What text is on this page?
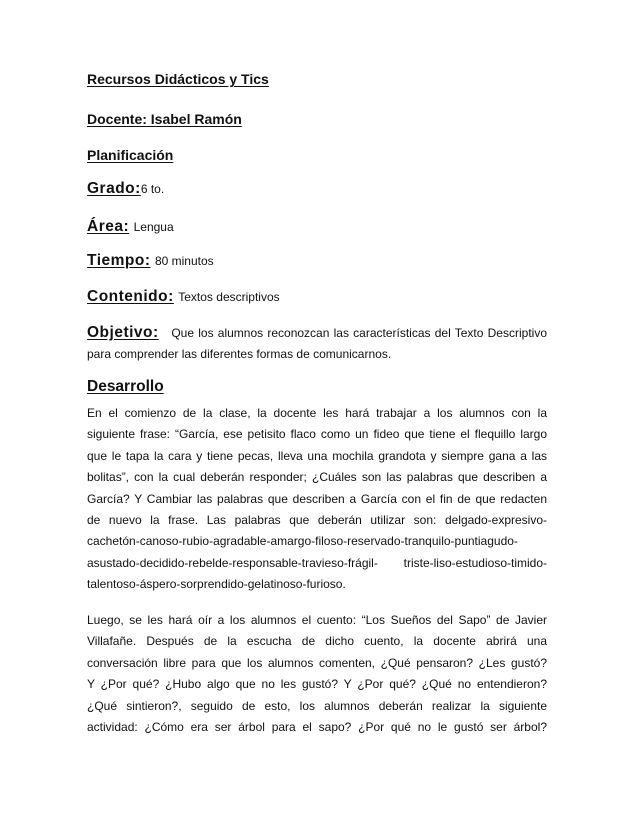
Recursos Didácticos y Tics
Docente: Isabel Ramón
Planificación
Grado:6 to.
Área: Lengua
Tiempo: 80 minutos
Contenido: Textos descriptivos
Objetivo: Que los alumnos reconozcan las características del Texto Descriptivo
para comprender las diferentes formas de comunicarnos.
Desarrollo
En el comienzo de la clase, la docente les hará trabajar a los alumnos con la
siguiente frase: “García, ese petisito flaco como un fideo que tiene el flequillo largo
que le tapa la cara y tiene pecas, lleva una mochila grandota y siempre gana a las
bolitas”, con la cual deberán responder; ¿Cuáles son las palabras que describen a
García? Y Cambiar las palabras que describen a García con el fin de que redacten
de nuevo la frase. Las palabras que deberán utilizar son: delgado-expresivo-
cachetón-canoso-rubio-agradable-amargo-filoso-reservado-tranquilo-puntiagudo-
asustado-decidido-rebelde-responsable-travieso-frágil-    triste-liso-estudioso-timido-
talentoso-áspero-sorprendido-gelatinoso-furioso.
Luego, se les hará oír a los alumnos el cuento: “Los Sueños del Sapo” de Javier
Villafañe. Después de la escucha de dicho cuento, la docente abrirá una
conversación libre para que los alumnos comenten, ¿Qué pensaron? ¿Les gustó?
Y ¿Por qué? ¿Hubo algo que no les gustó? Y ¿Por qué? ¿Qué no entendieron?
¿Qué sintieron?, seguido de esto, los alumnos deberán realizar la siguiente
actividad: ¿Cómo era ser árbol para el sapo? ¿Por qué no le gustó ser árbol?
